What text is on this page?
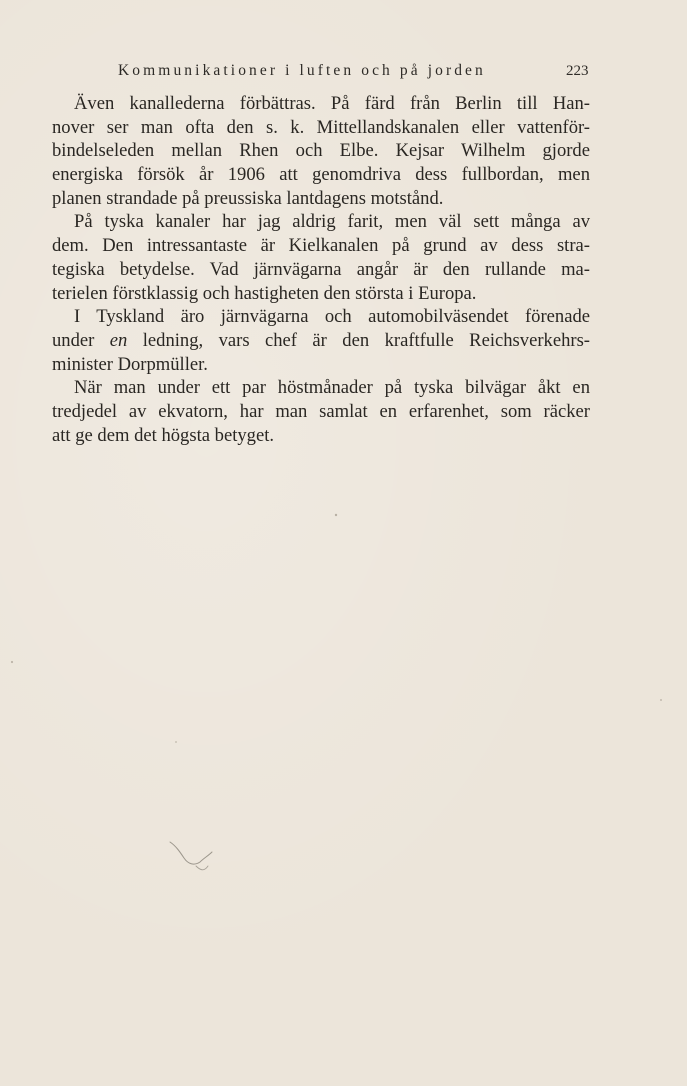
Kommunikationer i luften och på jorden	223
Även kanalledernа förbättras. På färd från Berlin till Han-
nover ser man ofta den s. k. Mittellandskanalen eller vattenför-
bindelseleden mellan Rhen och Elbe. Kejsar Wilhelm gjorde
energiska försök år 1906 att genomdriva dess fullbordan, men
planen strandade på preussiska lantdagens motstånd.
På tyska kanaler har jag aldrig farit, men väl sett många av
dem. Den intressantaste är Kielkanalen på grund av dess stra-
tegiska betydelse. Vad järnvägarna angår är den rullande ma-
terielen förstklassig och hastigheten den största i Europa.
I Tyskland äro järnvägarna och automobilväsendet förenade
under en ledning, vars chef är den kraftfulle Reichsverkehrs-
minister Dorpmüller.
När man under ett par höstmånader på tyska bilvägar åkt en
tredjedel av ekvatorn, har man samlat en erfarenhet, som räcker
att ge dem det högsta betyget.
